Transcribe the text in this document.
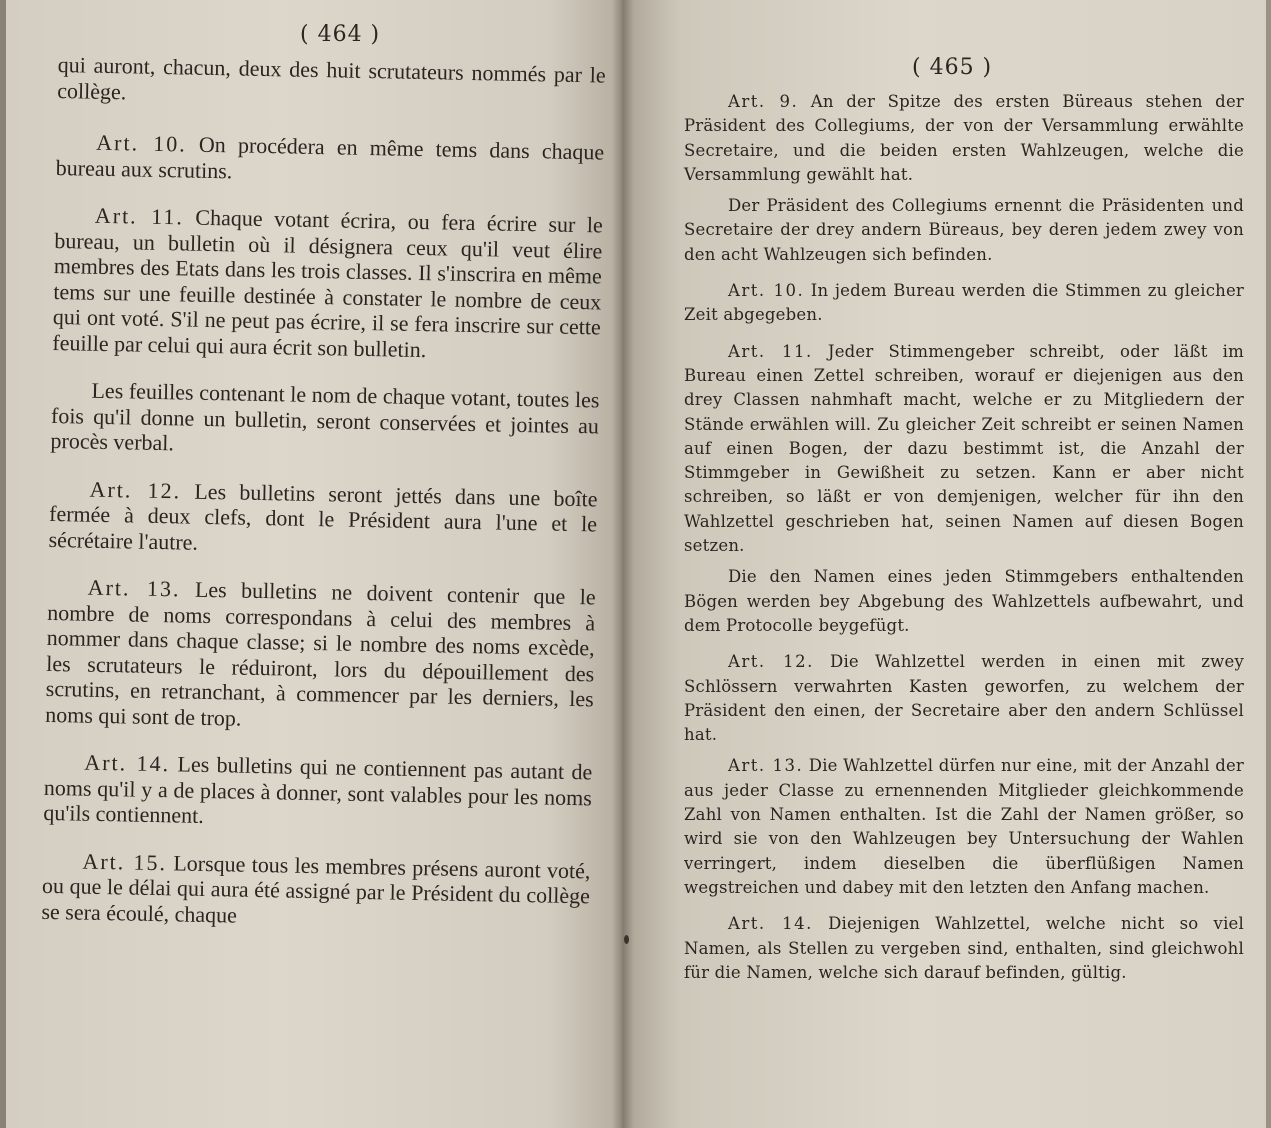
( 464 )

qui auront, chacun, deux des huit scrutateurs nommés par le collège.

Art. 10. On procédera en même tems dans chaque bureau aux scrutins.

Art. 11. Chaque votant écrira, ou fera écrire sur le bureau, un bulletin où il désignera ceux qu'il veut élire membres des Etats dans les trois classes. Il s'inscrira en même tems sur une feuille destinée à constater le nombre de ceux qui ont voté. S'il ne peut pas écrire, il se fera inscrire sur cette feuille par celui qui aura écrit son bulletin.

Les feuilles contenant le nom de chaque votant, toutes les fois qu'il donne un bulletin, seront conservées et jointes au procès verbal.

Art. 12. Les bulletins seront jettés dans une boîte fermée à deux clefs, dont le Président aura l'une et le sécrétaire l'autre.

Art. 13. Les bulletins ne doivent contenir que le nombre de noms correspondans à celui des membres à nommer dans chaque classe; si le nombre des noms excède, les scrutateurs le réduiront, lors du dépouillement des scrutins, en retranchant, à commencer par les derniers, les noms qui sont de trop.

Art. 14. Les bulletins qui ne contiennent pas autant de noms qu'il y a de places à donner, sont valables pour les noms qu'ils contiennent.

Art. 15. Lorsque tous les membres présens auront voté, ou que le délai qui aura été assigné par le Président du collège se sera écoulé, chaque

( 465 )

Art. 9. An der Spitze des ersten Büreaus stehen der Präsident des Collegiums, der von der Versammlung erwählte Secretaire, und die beiden ersten Wahlzeugen, welche die Versammlung gewählt hat.

Der Präsident des Collegiums ernennt die Präsidenten und Secretaire der drey andern Büreaus, bey deren jedem zwey von den acht Wahlzeugen sich befinden.

Art. 10. In jedem Bureau werden die Stimmen zu gleicher Zeit abgegeben.

Art. 11. Jeder Stimmengeber schreibt, oder läßt im Bureau einen Zettel schreiben, worauf er diejenigen aus den drey Classen nahmhaft macht, welche er zu Mitgliedern der Stände erwählen will. Zu gleicher Zeit schreibt er seinen Namen auf einen Bogen, der dazu bestimmt ist, die Anzahl der Stimmgeber in Gewißheit zu setzen. Kann er aber nicht schreiben, so läßt er von demjenigen, welcher für ihn den Wahlzettel geschrieben hat, seinen Namen auf diesen Bogen setzen.

Die den Namen eines jeden Stimmgebers enthaltenden Bögen werden bey Abgebung des Wahlzettels aufbewahrt, und dem Protocolle beygefügt.

Art. 12. Die Wahlzettel werden in einen mit zwey Schlössern verwahrten Kasten geworfen, zu welchem der Präsident den einen, der Secretaire aber den andern Schlüssel hat.

Art. 13. Die Wahlzettel dürfen nur eine, mit der Anzahl der aus jeder Classe zu ernennenden Mitglieder gleichkommende Zahl von Namen enthalten. Ist die Zahl der Namen größer, so wird sie von den Wahlzeugen bey Untersuchung der Wahlen verringert, indem dieselben die überflüßigen Namen wegstreichen und dabey mit den letzten den Anfang machen.

Art. 14. Diejenigen Wahlzettel, welche nicht so viel Namen, als Stellen zu vergeben sind, enthalten, sind gleichwohl für die Namen, welche sich darauf befinden, gültig.
